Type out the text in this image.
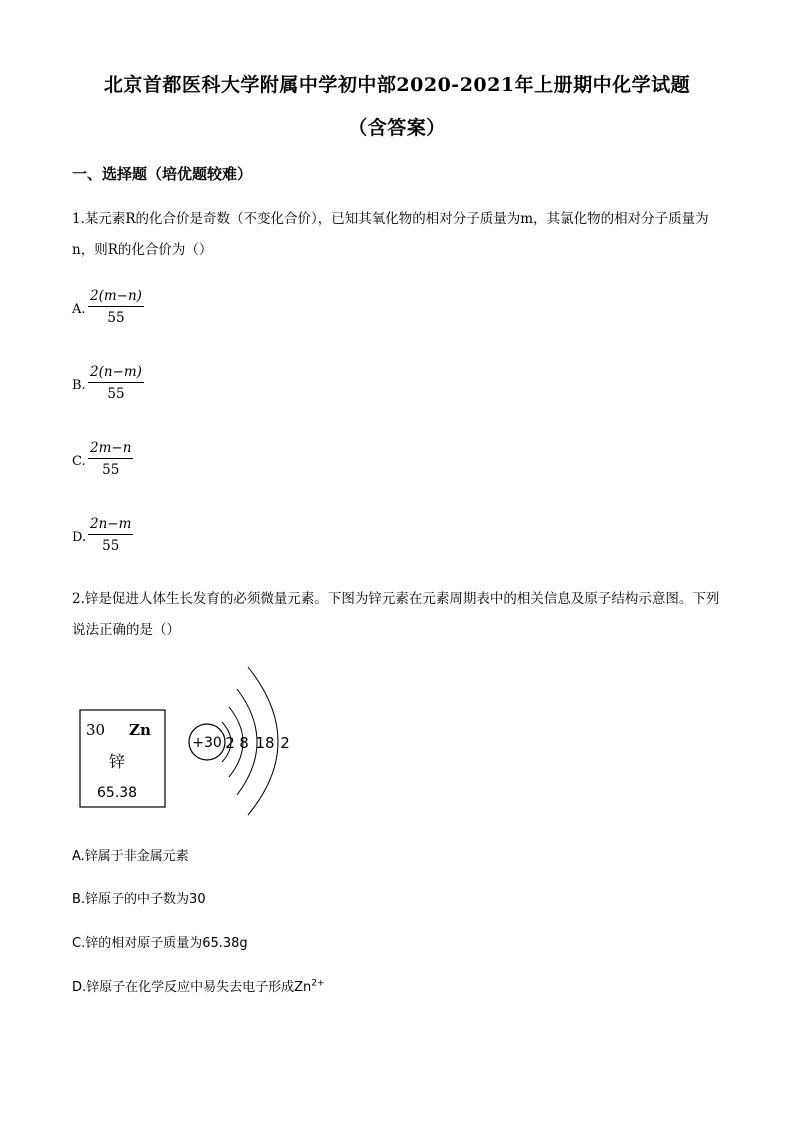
北京首都医科大学附属中学初中部2020-2021年上册期中化学试题
（含答案）
一、选择题（培优题较难）
1.某元素R的化合价是奇数（不变化合价），已知其氧化物的相对分子质量为m，其氯化物的相对分子质量为n，则R的化合价为（）
A. $\frac{2(m-n)}{55}$
B. $\frac{2(n-m)}{55}$
C. $\frac{2m-n}{55}$
D. $\frac{2n-m}{55}$
2.锌是促进人体生长发育的必须微量元素。下图为锌元素在元素周期表中的相关信息及原子结构示意图。下列说法正确的是（）
30 Zn
锌
65.38
+30 2 8 18 2
A.锌属于非金属元素
B.锌原子的中子数为30
C.锌的相对原子质量为65.38g
D.锌原子在化学反应中易失去电子形成$Zn^{2+}$
